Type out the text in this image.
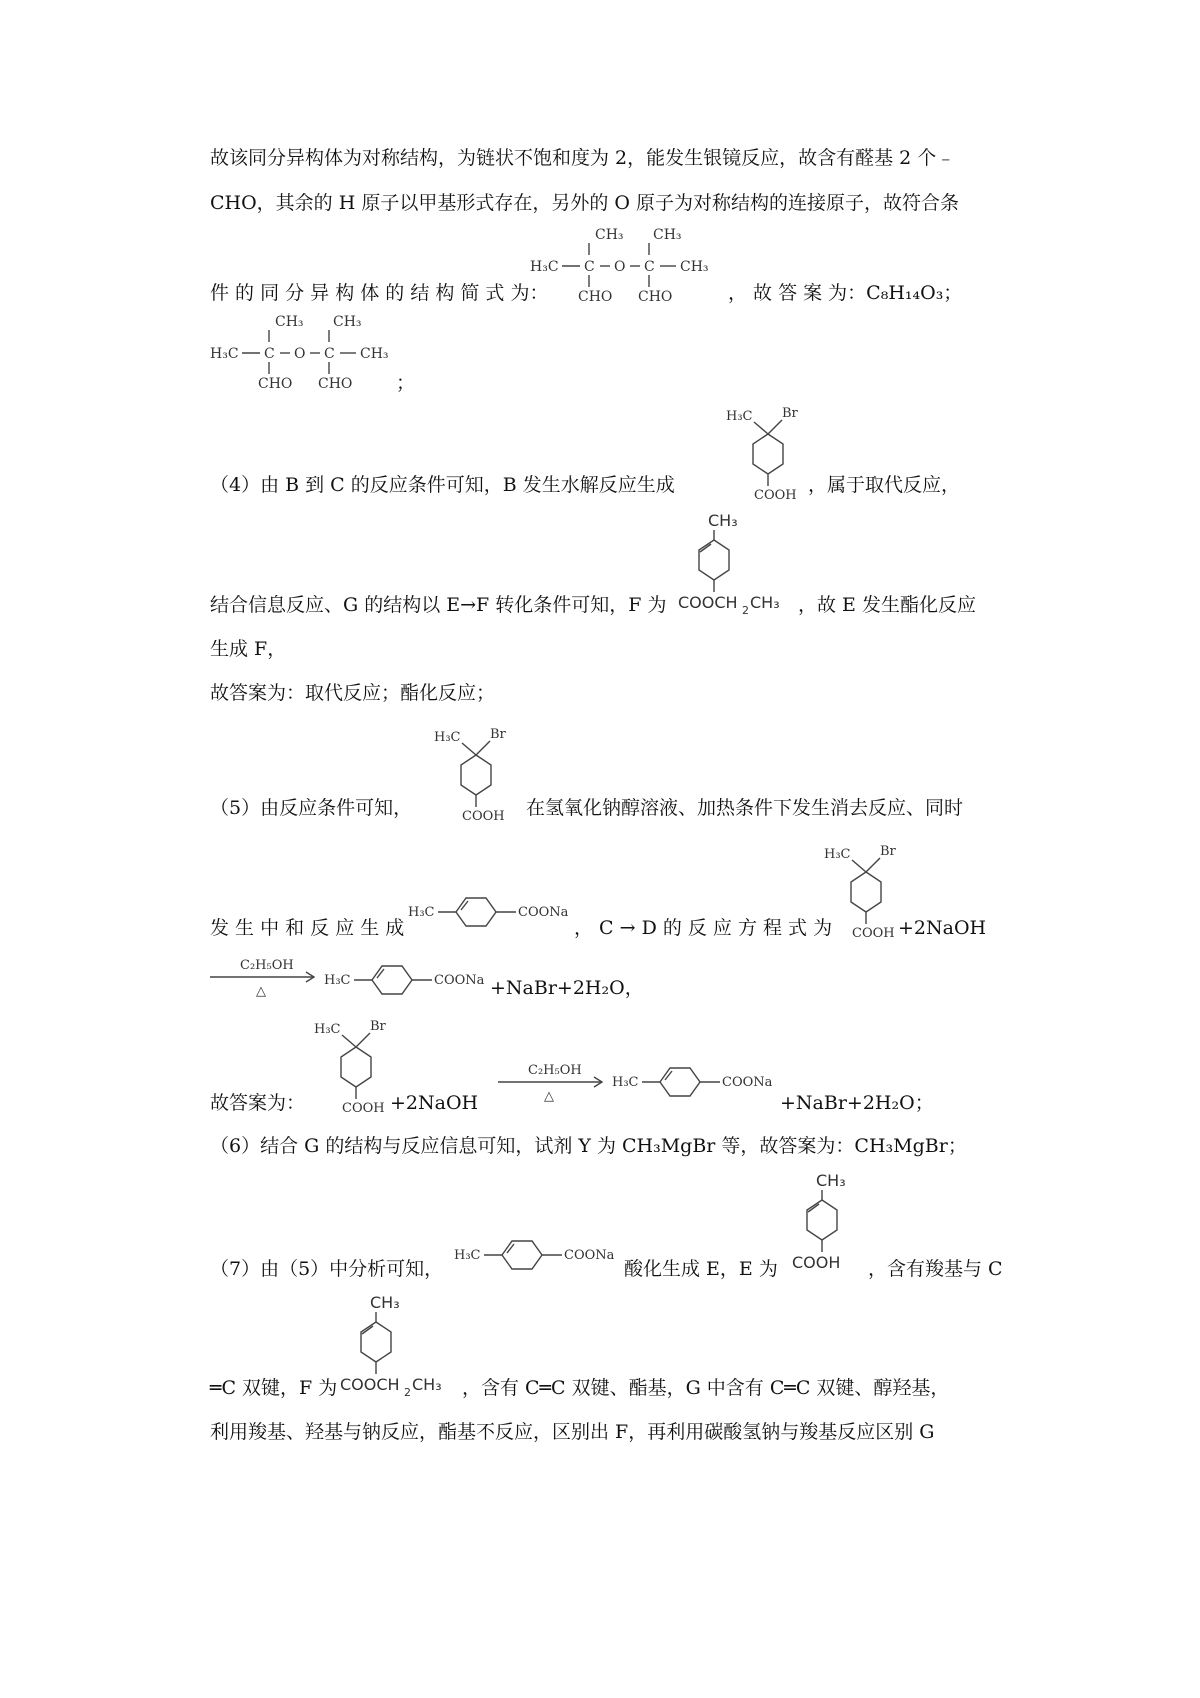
故该同分异构体为对称结构，为链状不饱和度为 2，能发生银镜反应，故含有醛基 2 个﹣
CHO，其余的 H 原子以甲基形式存在，另外的 O 原子为对称结构的连接原子，故符合条
件 的 同 分 异 构 体 的 结 构 简 式 为：
CH₃ CH₃
H₃C C O C CH₃
CHO CHO	， 故 答 案 为：C₈H₁₄O₃；
CH₃ CH₃
H₃C C O C CH₃
CHO CHO ；
（4）由 B 到 C 的反应条件可知，B 发生水解反应生成
H₃C Br
COOH ，属于取代反应，
结合信息反应、G 的结构以 E→F 转化条件可知，F 为
CH₃
COOCH 2 CH₃ ，故 E 发生酯化反应
生成 F，
故答案为：取代反应；酯化反应；
（5）由反应条件可知，
H₃C Br
COOH 在氢氧化钠醇溶液、加热条件下发生消去反应、同时
发 生 中 和 反 应 生 成
H₃C	COONa
， C → D 的 反 应 方 程 式 为
H₃C Br
COOH +2NaOH
C₂H₅OH
△
H₃C	COONa +NaBr+2H₂O，
故答案为：
H₃C Br
COOH +2NaOH
C₂H₅OH
△
H₃C	COONa
+NaBr+2H₂O；
（6）结合 G 的结构与反应信息可知，试剂 Y 为 CH₃MgBr 等，故答案为：CH₃MgBr；
（7）由（5）中分析可知，
H₃C	COONa
酸化生成 E，E 为
CH₃
COOH ，含有羧基与 C
═C 双键，F 为
CH₃
COOCH 2 CH₃ ，含有 C═C 双键、酯基，G 中含有 C═C 双键、醇羟基，
利用羧基、羟基与钠反应，酯基不反应，区别出 F，再利用碳酸氢钠与羧基反应区别 G
